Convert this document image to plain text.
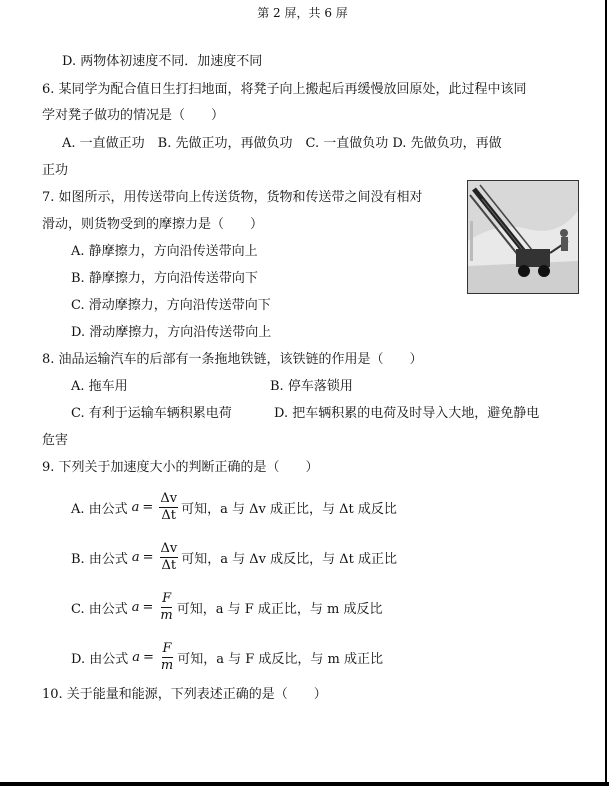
第 2 屏，共 6 屏
D. 两物体初速度不同．加速度不同
6. 某同学为配合值日生打扫地面，将凳子向上搬起后再缓慢放回原处，此过程中该同
学对凳子做功的情况是（　　）
A. 一直做正功　B. 先做正功，再做负功　C. 一直做负功 D. 先做负功，再做
正功
7. 如图所示，用传送带向上传送货物，货物和传送带之间没有相对
滑动，则货物受到的摩擦力是（　　）
A. 静摩擦力，方向沿传送带向上
B. 静摩擦力，方向沿传送带向下
C. 滑动摩擦力，方向沿传送带向下
D. 滑动摩擦力，方向沿传送带向上
8. 油品运输汽车的后部有一条拖地铁链，该铁链的作用是（　　）
A. 拖车用	B. 停车落锁用
C. 有利于运输车辆积累电荷	D. 把车辆积累的电荷及时导入大地，避免静电
危害
9. 下列关于加速度大小的判断正确的是（　　）
A. 由公式 $a = \frac{\Delta v}{\Delta t}$ 可知，a 与 Δv 成正比，与 Δt 成反比
B. 由公式 $a = \frac{\Delta v}{\Delta t}$ 可知，a 与 Δv 成反比，与 Δt 成正比
C. 由公式 $a = \frac{F}{m}$ 可知，a 与 F 成正比，与 m 成反比
D. 由公式 $a = \frac{F}{m}$ 可知，a 与 F 成反比，与 m 成正比
10. 关于能量和能源，下列表述正确的是（　　）
